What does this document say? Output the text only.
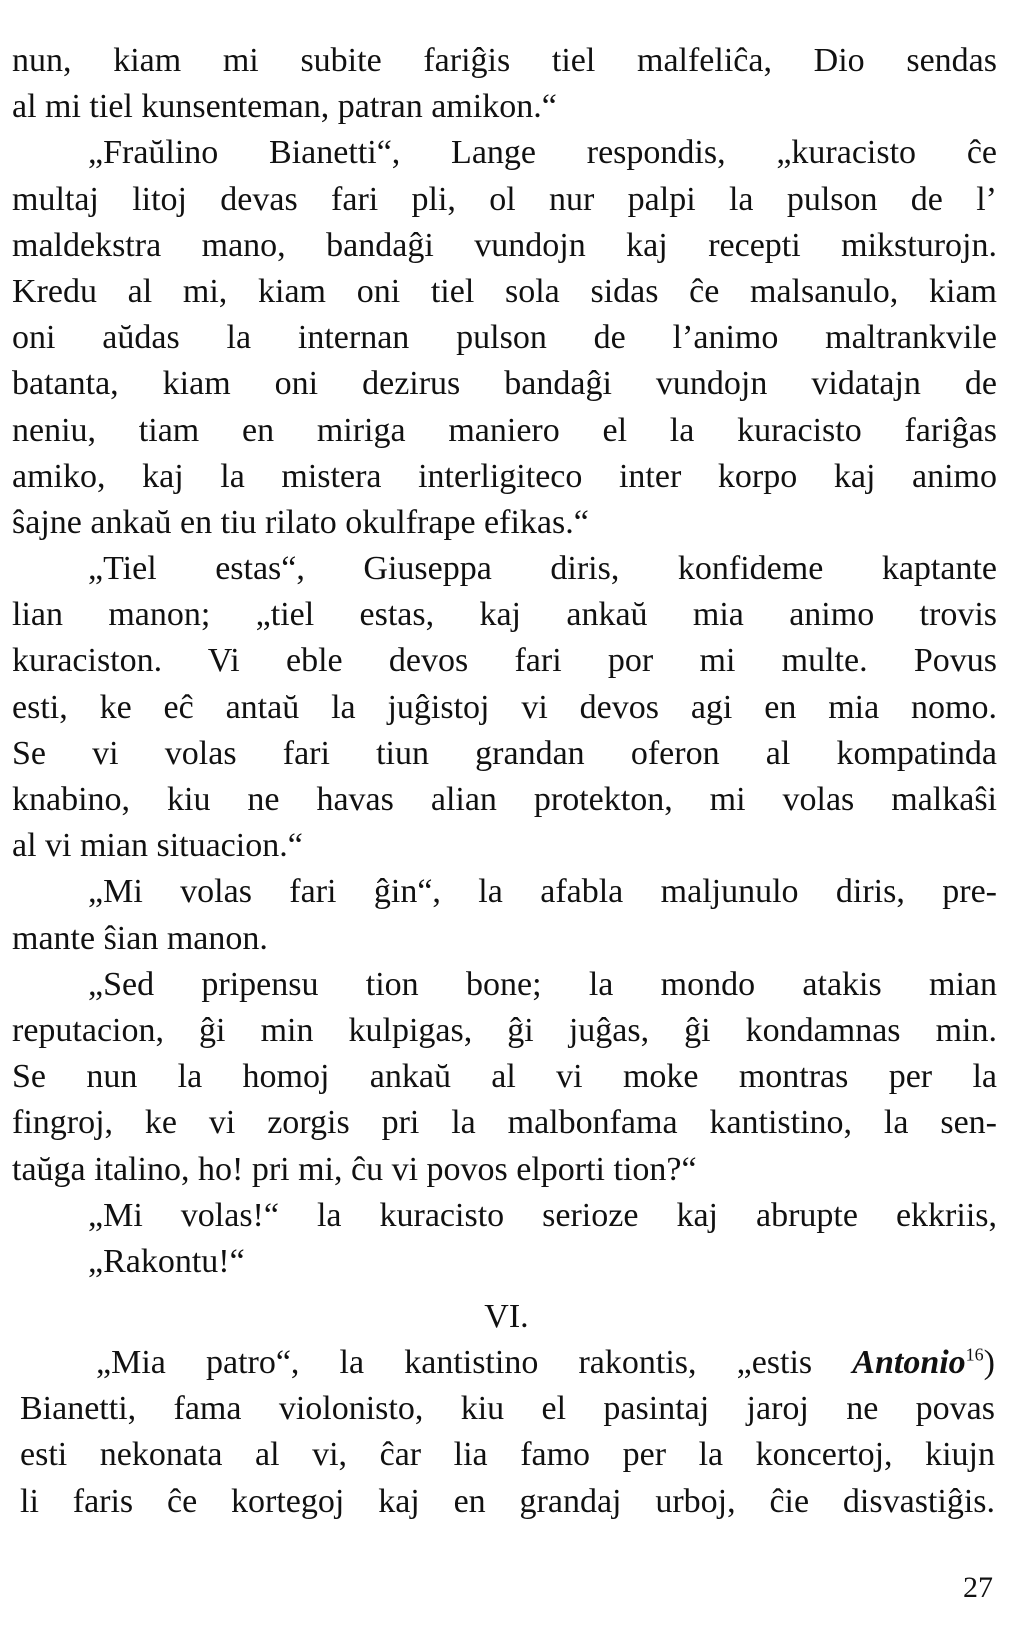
nun, kiam mi subite fariĝis tiel malfeliĉa, Dio sendas
al mi tiel kunsenteman, patran amikon.“
„Fraŭlino Bianetti“, Lange respondis, „kuracisto ĉe
multaj litoj devas fari pli, ol nur palpi la pulson de l’
maldekstra mano, bandaĝi vundojn kaj recepti miksturojn.
Kredu al mi, kiam oni tiel sola sidas ĉe malsanulo, kiam
oni aŭdas la internan pulson de l’animo maltrankvile
batanta, kiam oni dezirus bandaĝi vundojn vidatajn de
neniu, tiam en miriga maniero el la kuracisto fariĝas
amiko, kaj la mistera interligiteco inter korpo kaj animo
ŝajne ankaŭ en tiu rilato okulfrape efikas.“
„Tiel estas“, Giuseppa diris, konfideme kaptante
lian manon; „tiel estas, kaj ankaŭ mia animo trovis
kuraciston. Vi eble devos fari por mi multe. Povus
esti, ke eĉ antaŭ la juĝistoj vi devos agi en mia nomo.
Se vi volas fari tiun grandan oferon al kompatinda
knabino, kiu ne havas alian protekton, mi volas malkaŝi
al vi mian situacion.“
„Mi volas fari ĝin“, la afabla maljunulo diris, pre-
mante ŝian manon.
„Sed pripensu tion bone; la mondo atakis mian
reputacion, ĝi min kulpigas, ĝi juĝas, ĝi kondamnas min.
Se nun la homoj ankaŭ al vi moke montras per la
fingroj, ke vi zorgis pri la malbonfama kantistino, la sen-
taŭga italino, ho! pri mi, ĉu vi povos elporti tion?“
„Mi volas!“ la kuracisto serioze kaj abrupte ekkriis,
„Rakontu!“
VI.
„Mia patro“, la kantistino rakontis, „estis Antonio$^{16}$)
Bianetti, fama violonisto, kiu el pasintaj jaroj ne povas
esti nekonata al vi, ĉar lia famo per la koncertoj, kiujn
li faris ĉe kortegoj kaj en grandaj urboj, ĉie disvastiĝis.
27
